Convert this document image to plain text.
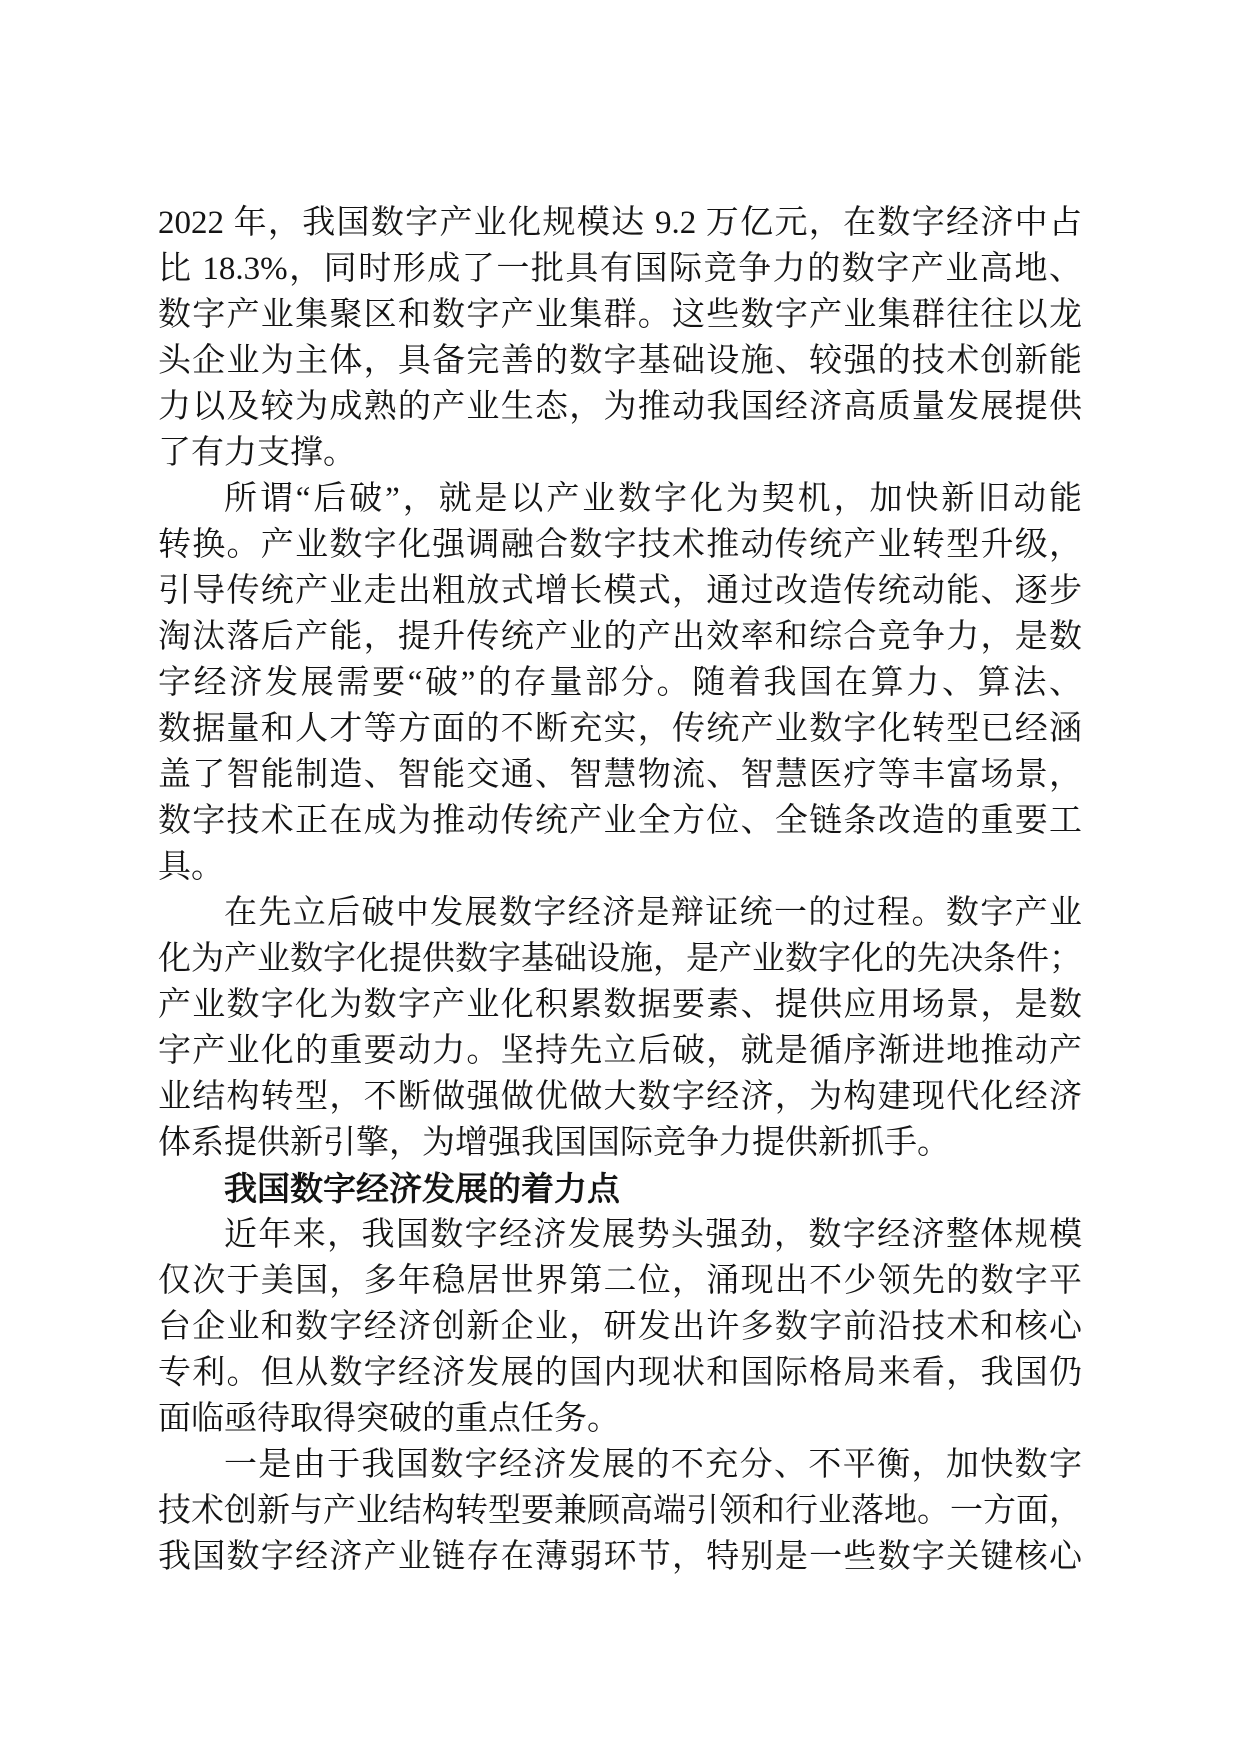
2022 年，我国数字产业化规模达 9.2 万亿元，在数字经济中占
比 18.3%，同时形成了一批具有国际竞争力的数字产业高地、
数字产业集聚区和数字产业集群。这些数字产业集群往往以龙
头企业为主体，具备完善的数字基础设施、较强的技术创新能
力以及较为成熟的产业生态，为推动我国经济高质量发展提供
了有力支撑。
所谓“后破”，就是以产业数字化为契机，加快新旧动能
转换。产业数字化强调融合数字技术推动传统产业转型升级，
引导传统产业走出粗放式增长模式，通过改造传统动能、逐步
淘汰落后产能，提升传统产业的产出效率和综合竞争力，是数
字经济发展需要“破”的存量部分。随着我国在算力、算法、
数据量和人才等方面的不断充实，传统产业数字化转型已经涵
盖了智能制造、智能交通、智慧物流、智慧医疗等丰富场景，
数字技术正在成为推动传统产业全方位、全链条改造的重要工
具。
在先立后破中发展数字经济是辩证统一的过程。数字产业
化为产业数字化提供数字基础设施，是产业数字化的先决条件；
产业数字化为数字产业化积累数据要素、提供应用场景，是数
字产业化的重要动力。坚持先立后破，就是循序渐进地推动产
业结构转型，不断做强做优做大数字经济，为构建现代化经济
体系提供新引擎，为增强我国国际竞争力提供新抓手。
我国数字经济发展的着力点
近年来，我国数字经济发展势头强劲，数字经济整体规模
仅次于美国，多年稳居世界第二位，涌现出不少领先的数字平
台企业和数字经济创新企业，研发出许多数字前沿技术和核心
专利。但从数字经济发展的国内现状和国际格局来看，我国仍
面临亟待取得突破的重点任务。
一是由于我国数字经济发展的不充分、不平衡，加快数字
技术创新与产业结构转型要兼顾高端引领和行业落地。一方面，
我国数字经济产业链存在薄弱环节，特别是一些数字关键核心
